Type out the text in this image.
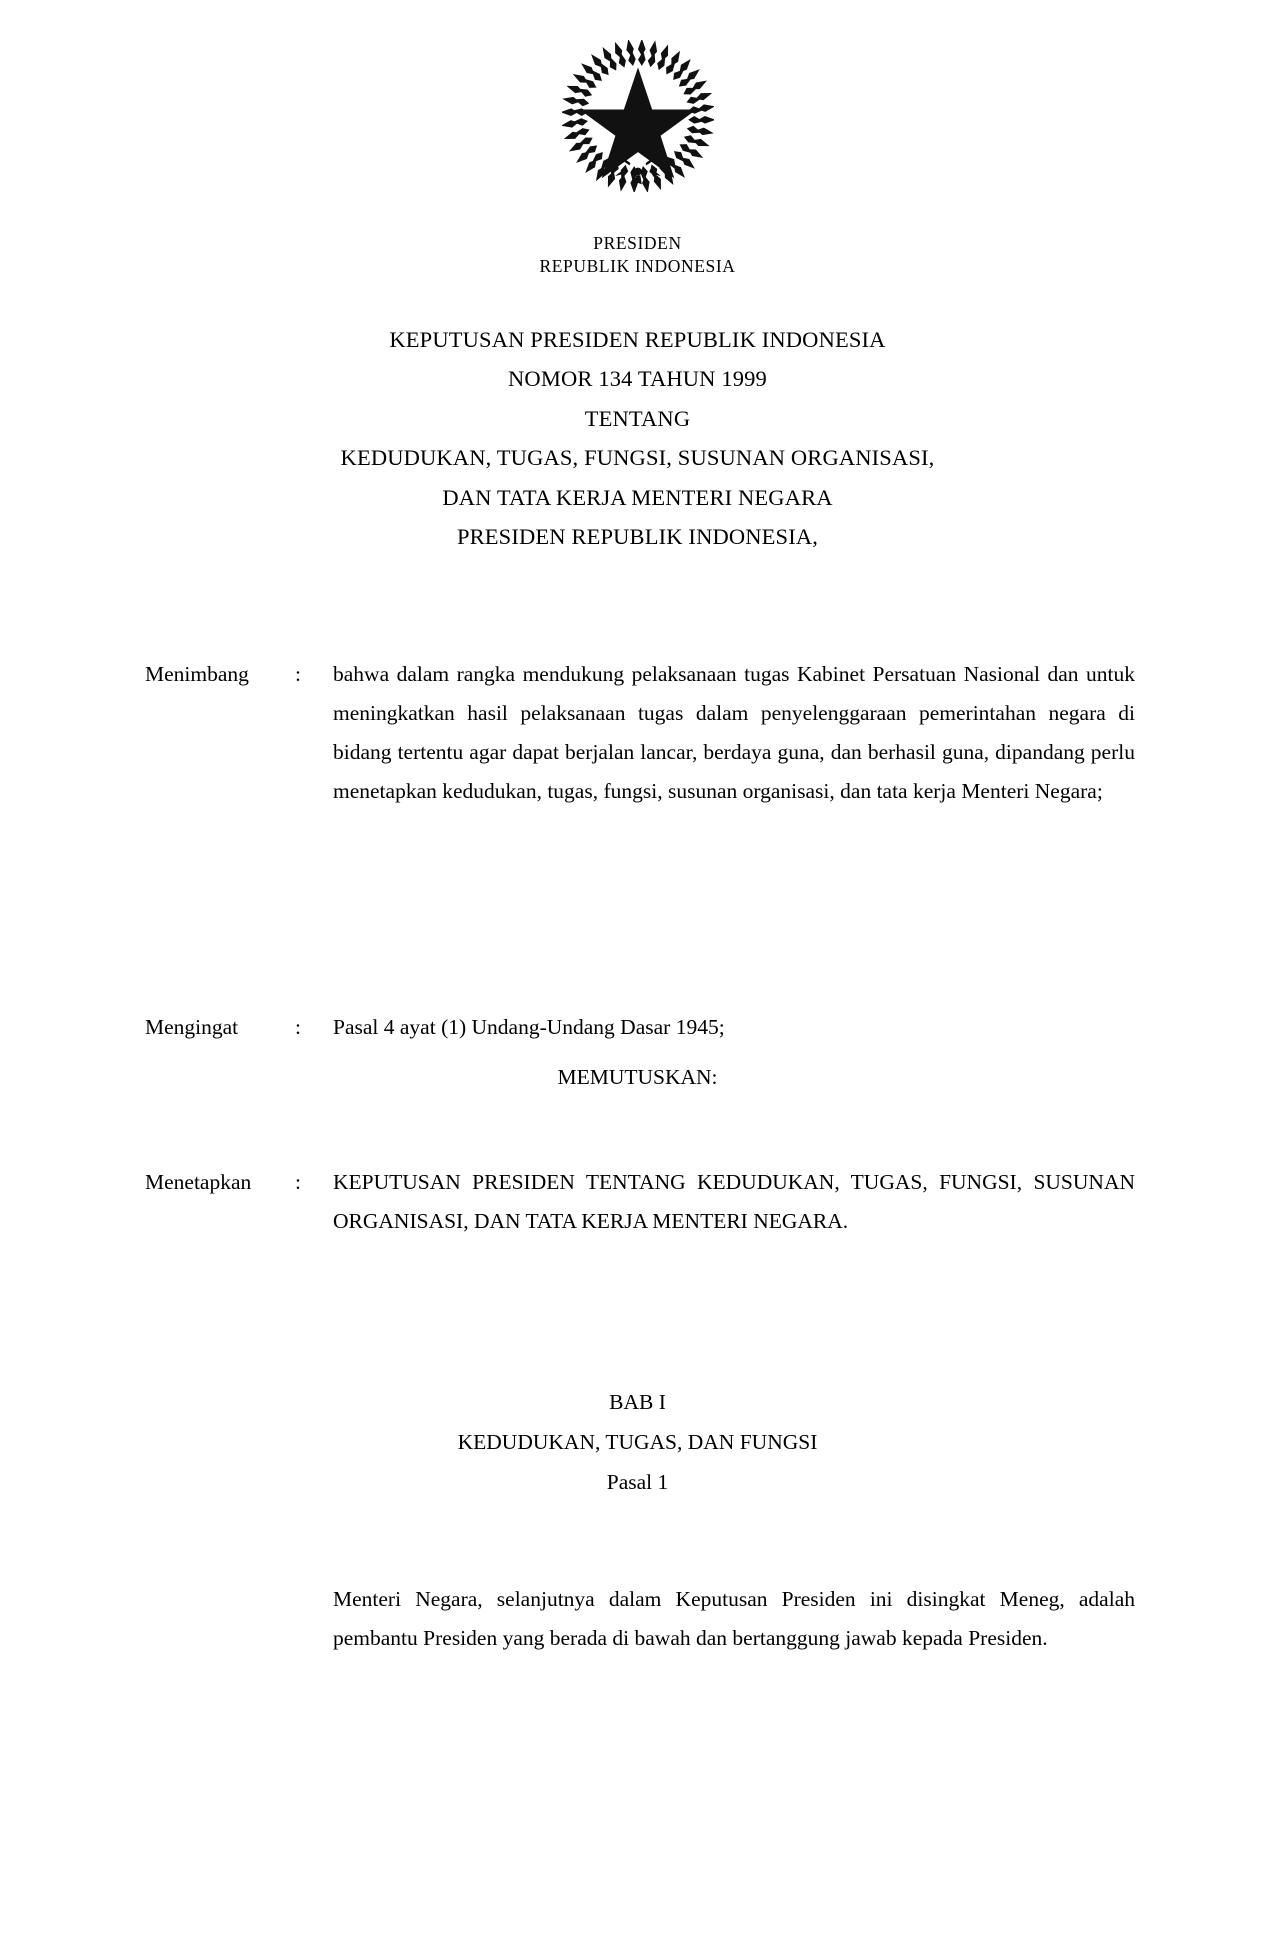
PRESIDEN
REPUBLIK INDONESIA
KEPUTUSAN PRESIDEN REPUBLIK INDONESIA
NOMOR 134 TAHUN 1999
TENTANG
KEDUDUKAN, TUGAS, FUNGSI, SUSUNAN ORGANISASI,
DAN TATA KERJA MENTERI NEGARA
PRESIDEN REPUBLIK INDONESIA,
Menimbang	:	bahwa dalam rangka mendukung pelaksanaan tugas Kabinet Persatuan Nasional dan untuk meningkatkan hasil pelaksanaan tugas dalam penyelenggaraan pemerintahan negara di bidang tertentu agar dapat berjalan lancar, berdaya guna, dan berhasil guna, dipandang perlu menetapkan kedudukan, tugas, fungsi, susunan organisasi, dan tata kerja Menteri Negara;
Mengingat	:	Pasal 4 ayat (1) Undang-Undang Dasar 1945;
MEMUTUSKAN:
Menetapkan	:	KEPUTUSAN PRESIDEN TENTANG KEDUDUKAN, TUGAS, FUNGSI, SUSUNAN ORGANISASI, DAN TATA KERJA MENTERI NEGARA.
BAB I
KEDUDUKAN, TUGAS, DAN FUNGSI
Pasal 1
Menteri Negara, selanjutnya dalam Keputusan Presiden ini disingkat Meneg, adalah pembantu Presiden yang berada di bawah dan bertanggung jawab kepada Presiden.
